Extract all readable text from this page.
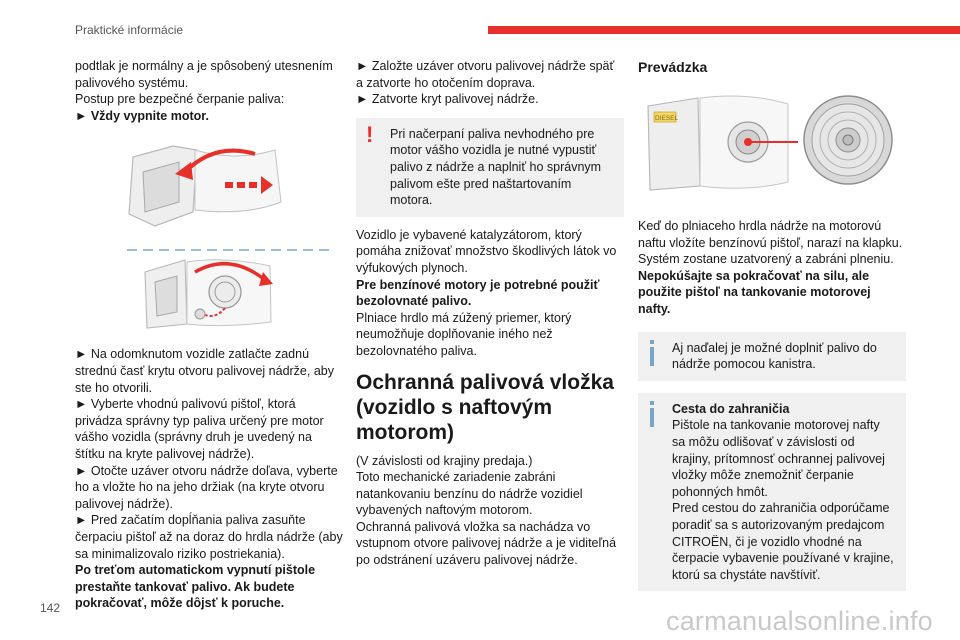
Praktické informácie

podtlak je normálny a je spôsobený utesnením

palivového systému.

Postup pre bezpečné čerpanie paliva:

► Vždy vypnite motor.

► Na odomknutom vozidle zatlačte zadnú strednú časť krytu otvoru palivovej nádrže, aby ste ho otvorili.

► Vyberte vhodnú palivovú pištoľ, ktorá privádza správny typ paliva určený pre motor vášho vozidla (správny druh je uvedený na štítku na kryte palivovej nádrže).

► Otočte uzáver otvoru nádrže doľava, vyberte ho a vložte ho na jeho držiak (na kryte otvoru palivovej nádrže).

► Pred začatím dopĺňania paliva zasuňte čerpaciu pištoľ až na doraz do hrdla nádrže (aby sa minimalizovalo riziko postriekania).

Po treťom automatickom vypnutí pištole prestaňte tankovať palivo. Ak budete pokračovať, môže dôjsť k poruche.

► Založte uzáver otvoru palivovej nádrže späť a zatvorte ho otočením doprava.

► Zatvorte kryt palivovej nádrže.

! Pri načerpaní paliva nevhodného pre motor vášho vozidla je nutné vypustiť palivo z nádrže a naplniť ho správnym palivom ešte pred naštartovaním motora.

Vozidlo je vybavené katalyzátorom, ktorý pomáha znižovať množstvo škodlivých látok vo výfukových plynoch.

Pre benzínové motory je potrebné použiť bezolovnaté palivo.

Plniace hrdlo má zúžený priemer, ktorý neumožňuje doplňovanie iného než bezolovnatého paliva.

Ochranná palivová vložka (vozidlo s naftovým motorom)

(V závislosti od krajiny predaja.)

Toto mechanické zariadenie zabráni natankovaniu benzínu do nádrže vozidiel vybavených naftovým motorom.

Ochranná palivová vložka sa nachádza vo vstupnom otvore palivovej nádrže a je viditeľná po odstránení uzáveru palivovej nádrže.

Prevádzka
DIESEL

Keď do plniaceho hrdla nádrže na motorovú naftu vložíte benzínovú pištoľ, narazí na klapku. Systém zostane uzatvorený a zabráni plneniu.

Nepokúšajte sa pokračovať na silu, ale použite pištoľ na tankovanie motorovej nafty.

Aj naďalej je možné doplniť palivo do nádrže pomocou kanistra.

Cesta do zahraničia

Pištole na tankovanie motorovej nafty sa môžu odlišovať v závislosti od krajiny, prítomnosť ochrannej palivovej vložky môže znemožniť čerpanie pohonných hmôt.
Pred cestou do zahraničia odporúčame poradiť sa s autorizovaným predajcom CITROËN, či je vozidlo vhodné na čerpacie vybavenie používané v krajine, ktorú sa chystáte navštíviť.

142	carmanualsonline.info
